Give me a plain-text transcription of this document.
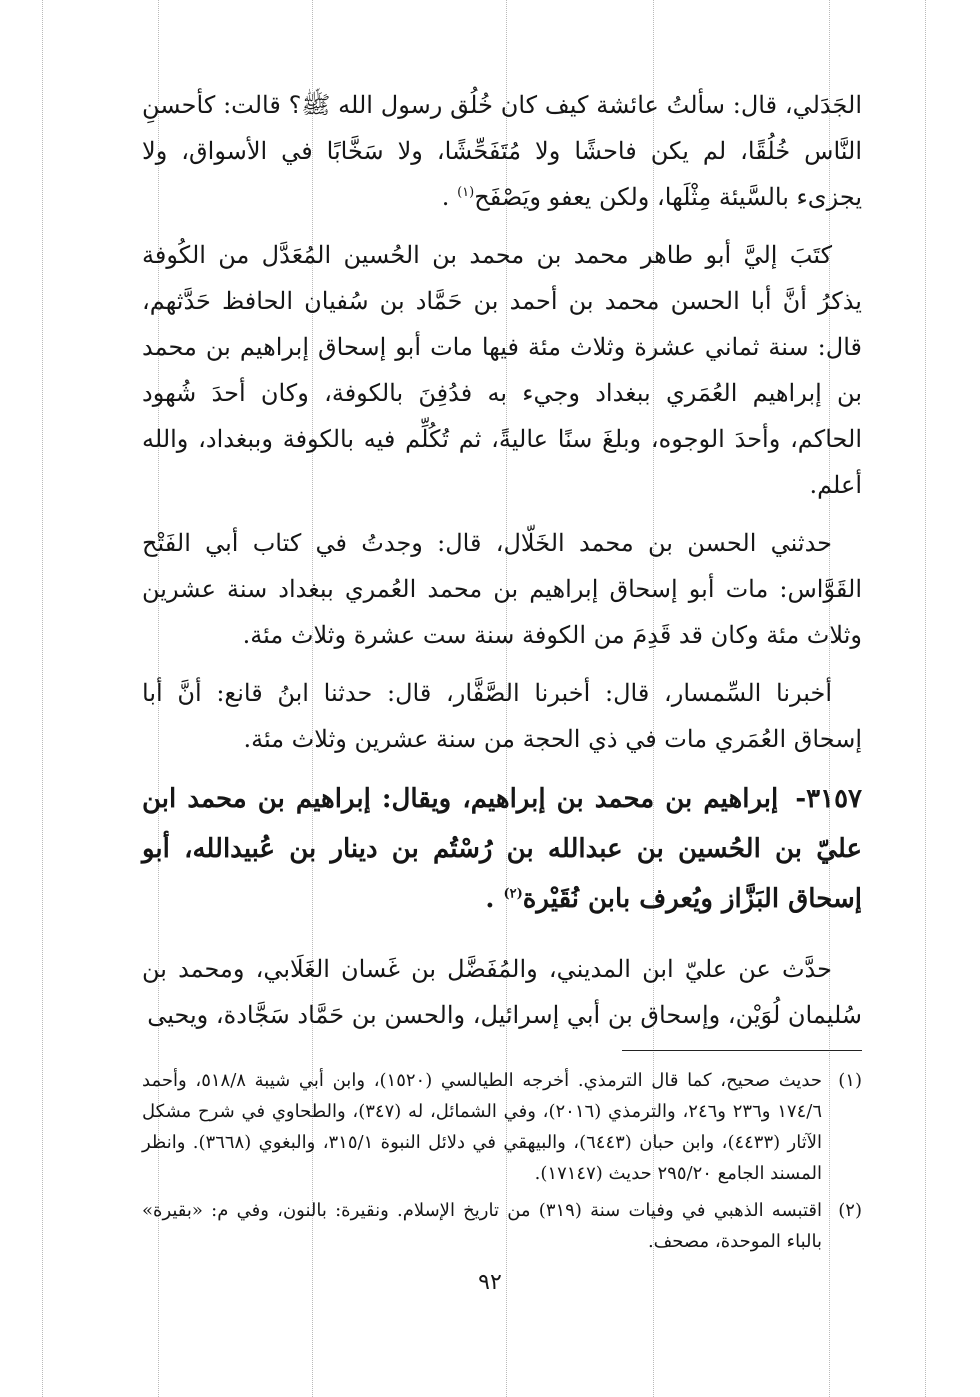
الجَدَلي، قال: سألتُ عائشة كيف كان خُلُق رسول الله ﷺ؟ قالت: كأحسنِ النَّاس خُلُقًا، لم يكن فاحشًا ولا مُتَفَحِّشًا، ولا سَخَّابًا في الأسواق، ولا يجزىء بالسَّيئة مِثْلَها، ولكن يعفو ويَصْفَح$^{(١)}$ .

كتَبَ إليَّ أبو طاهر محمد بن محمد بن الحُسين المُعَدَّل من الكُوفة يذكرُ أنَّ أبا الحسن محمد بن أحمد بن حَمَّاد بن سُفيان الحافظ حَدَّثهم، قال: سنة ثماني عشرة وثلاث مئة فيها مات أبو إسحاق إبراهيم بن محمد بن إبراهيم العُمَري ببغداد وجيء به فدُفِنَ بالكوفة، وكان أحدَ شُهود الحاكم، وأحدَ الوجوه، وبلغَ سنًا عاليةً، ثم تُكُلِّم فيه بالكوفة وببغداد، والله أعلم.

حدثني الحسن بن محمد الخَلّال، قال: وجدتُ في كتاب أبي الفَتْح القَوَّاس: مات أبو إسحاق إبراهيم بن محمد العُمري ببغداد سنة عشرين وثلاث مئة وكان قد قَدِمَ من الكوفة سنة ست عشرة وثلاث مئة.

أخبرنا السِّمسار، قال: أخبرنا الصَّفَّار، قال: حدثنا ابنُ قانع: أنَّ أبا إسحاق العُمَري مات في ذي الحجة من سنة عشرين وثلاث مئة.

٣١٥٧- إبراهيم بن محمد بن إبراهيم، ويقال: إبراهيم بن محمد ابن عليّ بن الحُسين بن عبدالله بن رُسْتُم بن دينار بن عُبيدالله، أبو إسحاق البَزَّاز ويُعرف بابن نُقَيْرة$^{(٢)}$ .

حدَّث عن عليّ ابن المديني، والمُفَضَّل بن غَسان الغَلَابي، ومحمد بن سُليمان لُوَيْن، وإسحاق بن أبي إسرائيل، والحسن بن حَمَّاد سَجَّادة، ويحيى

(١)
حديث صحيح، كما قال الترمذي. أخرجه الطيالسي (١٥٢٠)، وابن أبي شيبة ٥١٨/٨، وأحمد ١٧٤/٦ و٢٣٦ و٢٤٦، والترمذي (٢٠١٦)، وفي الشمائل، له (٣٤٧)، والطحاوي في شرح مشكل الآثار (٤٤٣٣)، وابن حبان (٦٤٤٣)، والبيهقي في دلائل النبوة ٣١٥/١، والبغوي (٣٦٦٨). وانظر المسند الجامع ٢٩٥/٢٠ حديث (١٧١٤٧).
(٢)
اقتبسه الذهبي في وفيات سنة (٣١٩) من تاريخ الإسلام. ونقيرة: بالنون، وفي م: «بقيرة» بالباء الموحدة، مصحف.
٩٢
